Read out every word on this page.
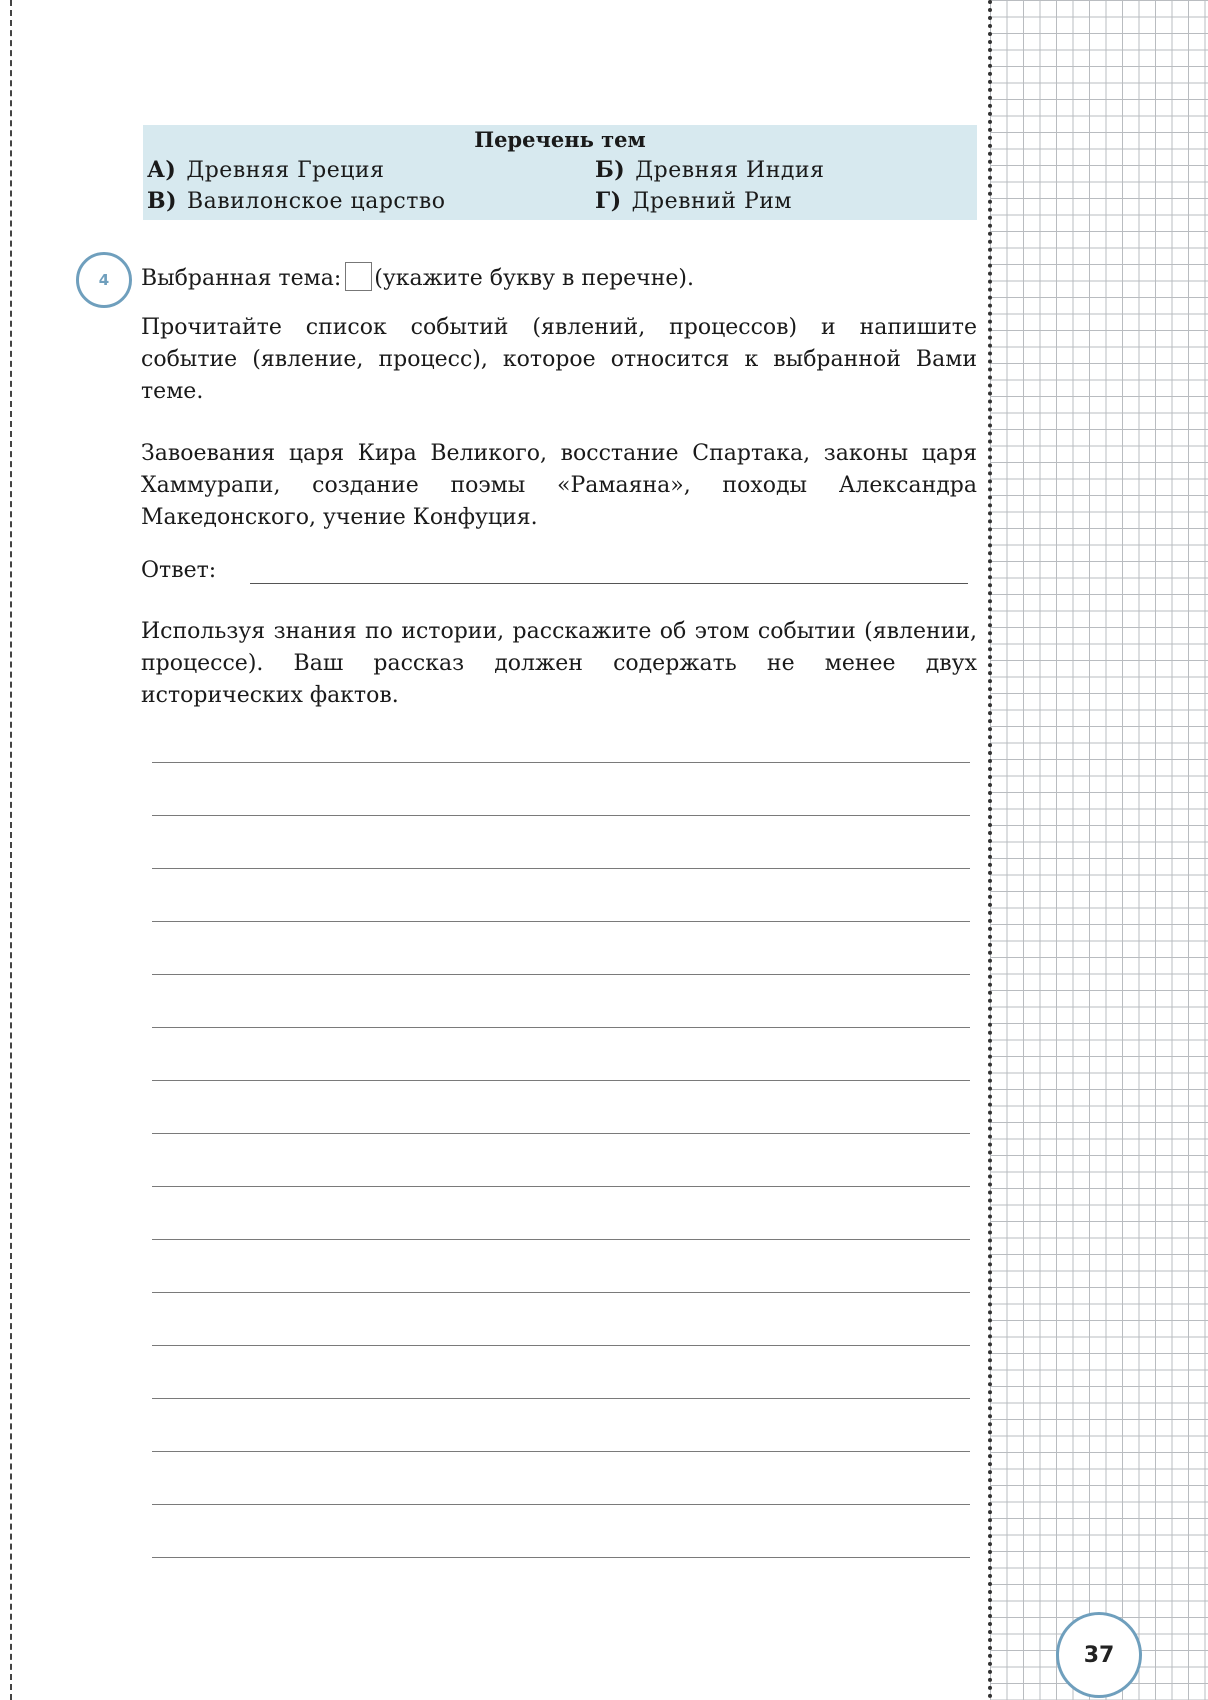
Перечень тем
А) Древняя Греция	Б) Древняя Индия
В) Вавилонское царство	Г) Древний Рим
4	Выбранная тема: (укажите букву в перечне).
Прочитайте список событий (явлений, процессов) и напишите событие (явление, процесс), которое относится к выбранной Вами теме.
Завоевания царя Кира Великого, восстание Спартака, законы царя Хаммурапи, создание поэмы «Рамаяна», походы Александра Македонского, учение Конфуция.
Ответ:
Используя знания по истории, расскажите об этом событии (явлении, процессе). Ваш рассказ должен содержать не менее двух исторических фактов.
37
